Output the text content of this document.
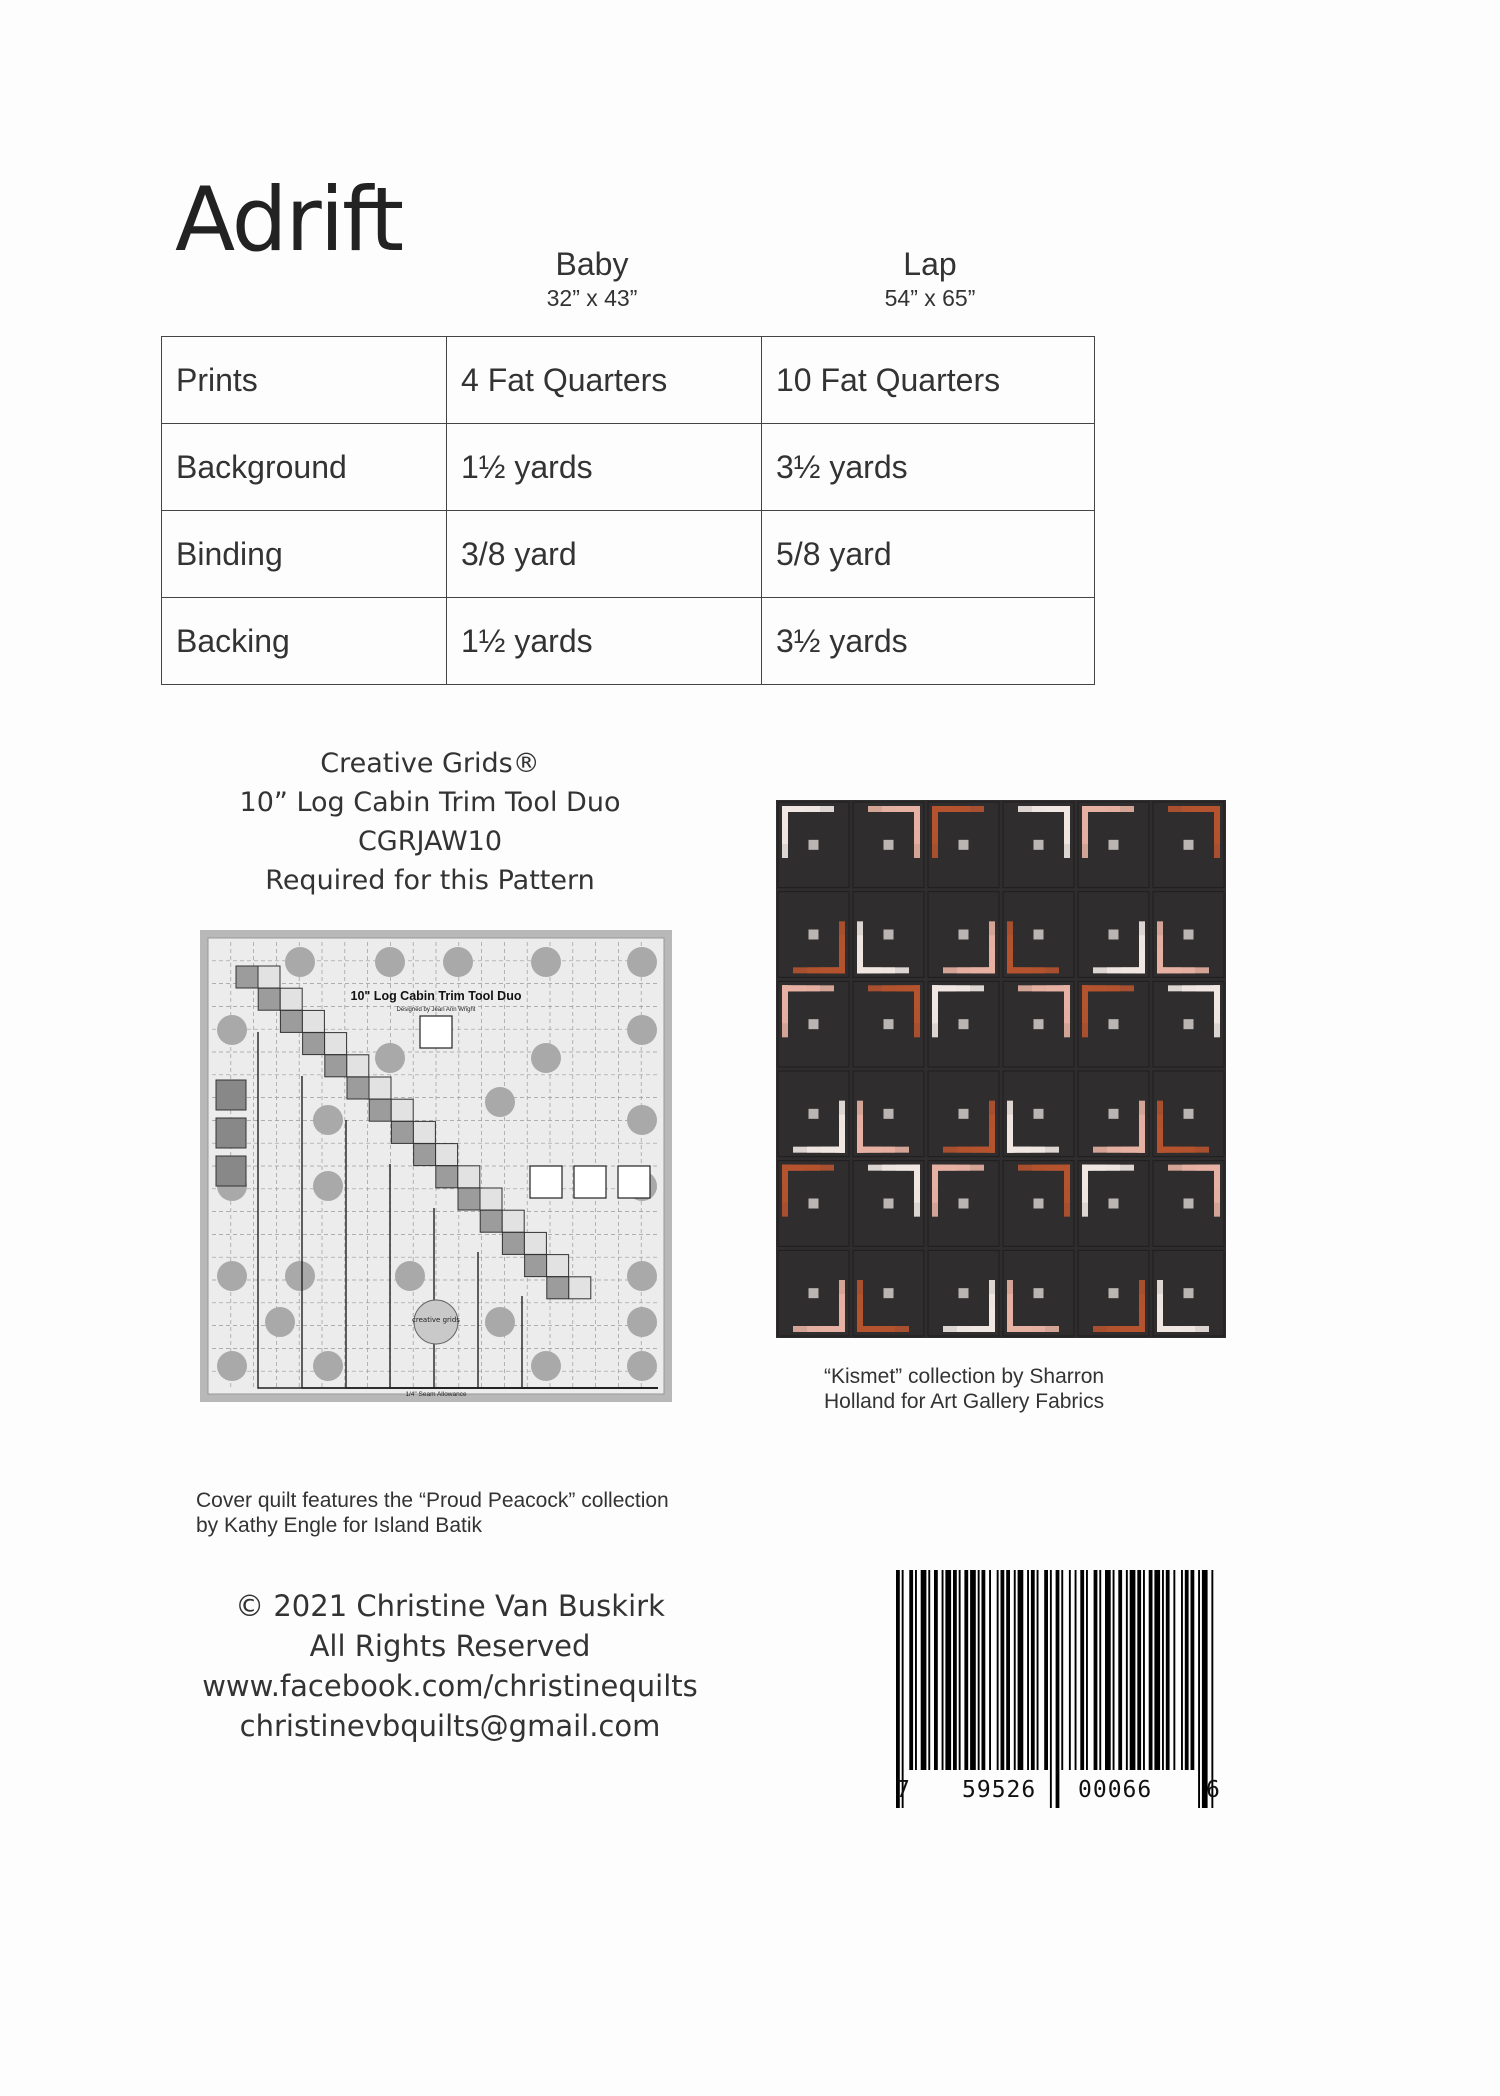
Adrift	Baby
32” x 43”
Lap
54” x 65”
Prints	4 Fat Quarters	10 Fat Quarters
Background	1½ yards	3½ yards
Binding	3/8 yard	5/8 yard
Backing	1½ yards	3½ yards
Creative Grids®
10” Log Cabin Trim Tool Duo
CGRJAW10
Required for this Pattern
creative grids
10" Log Cabin Trim Tool Duo
Designed by Jean Ann Wright
1/4" Seam Allowance
“Kismet” collection by Sharron
Holland for Art Gallery Fabrics
Cover quilt features the “Proud Peacock” collection
by Kathy Engle for Island Batik
© 2021 Christine Van Buskirk
All Rights Reserved
www.facebook.com/christinequilts
christinevbquilts@gmail.com
7 59526 00066 6
